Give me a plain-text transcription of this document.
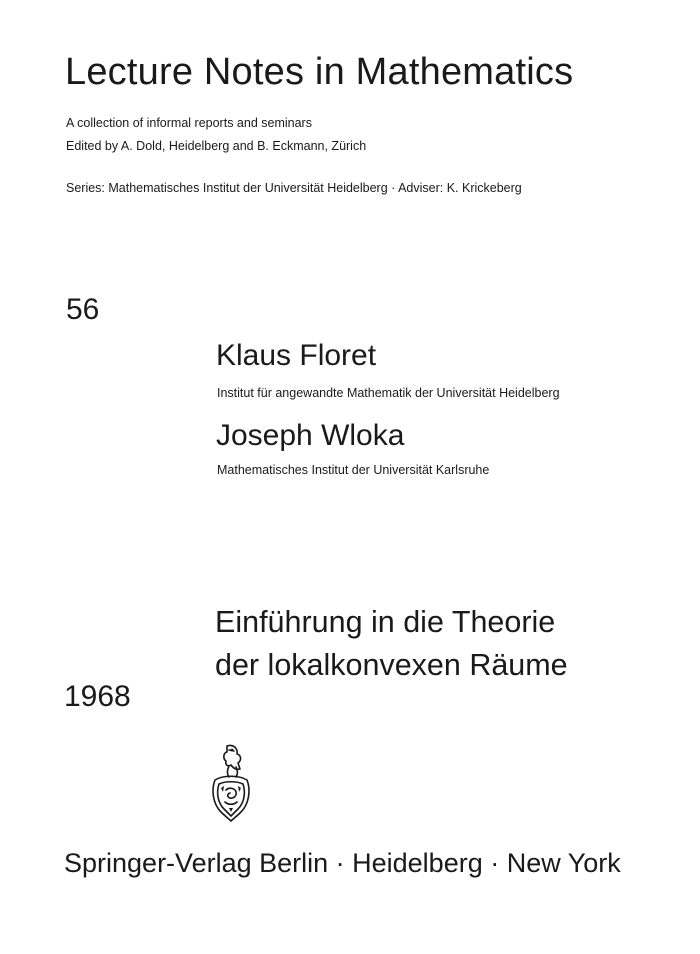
Lecture Notes in Mathematics
A collection of informal reports and seminars
Edited by A. Dold, Heidelberg and B. Eckmann, Zürich
Series: Mathematisches Institut der Universität Heidelberg · Adviser: K. Krickeberg
56
Klaus Floret
Institut für angewandte Mathematik der Universität Heidelberg
Joseph Wloka
Mathematisches Institut der Universität Karlsruhe
Einführung in die Theorie
der lokalkonvexen Räume
1968
Springer-Verlag Berlin · Heidelberg · New York
